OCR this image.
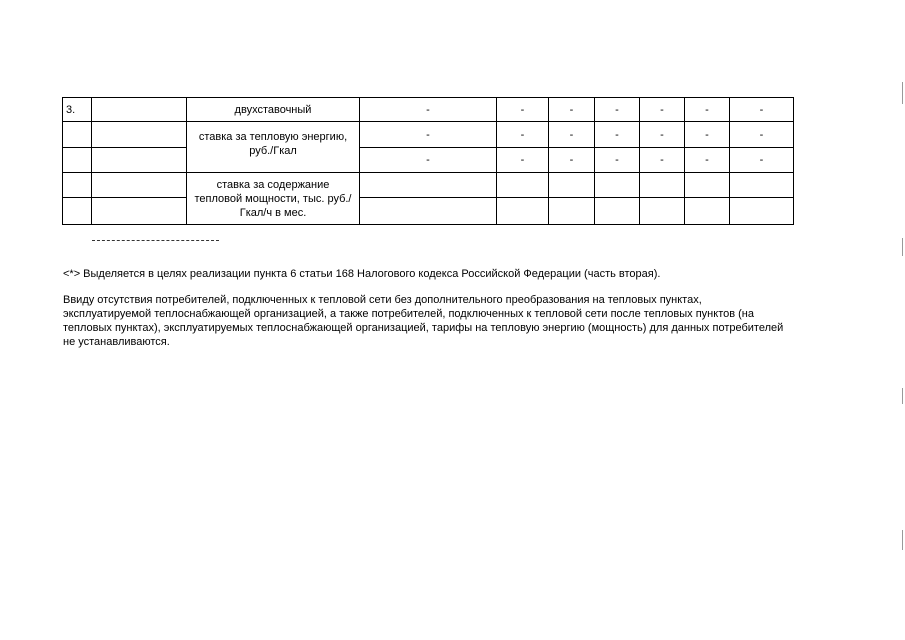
3.		двухставочный	-	-	-	-	-	-	-
		ставка за тепловую энергию, руб./Гкал	-	-	-	-	-	-	-
			-	-	-	-	-	-	-
		ставка за содержание тепловой мощности, тыс. руб./Гкал/ч в мес.							

<*> Выделяется в целях реализации пункта 6 статьи 168 Налогового кодекса Российской Федерации (часть вторая).
Ввиду отсутствия потребителей, подключенных к тепловой сети без дополнительного преобразования на тепловых пунктах,
эксплуатируемой теплоснабжающей организацией, а также потребителей, подключенных к тепловой сети после тепловых пунктов (на
тепловых пунктах), эксплуатируемых теплоснабжающей организацией, тарифы на тепловую энергию (мощность) для данных потребителей
не устанавливаются.
